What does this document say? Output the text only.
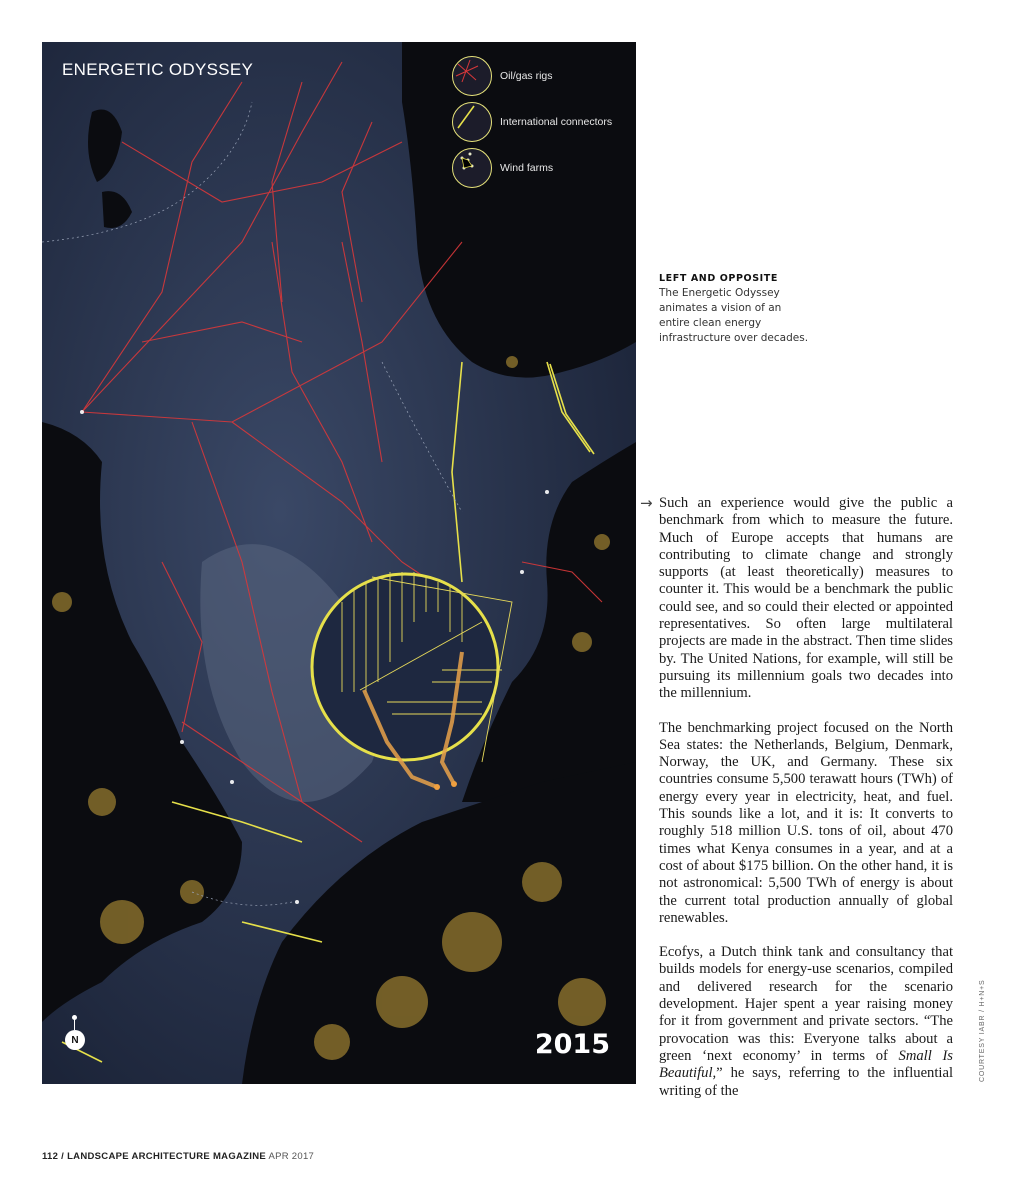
ENERGETIC ODYSSEY	Oil/gas rigs
International connectors
Wind farms
N	2015
LEFT AND OPPOSITE
The Energetic Odyssey animates a vision of an entire clean energy infrastructure over decades.
→ Such an experience would give the public a benchmark from which to measure the future. Much of Europe accepts that humans are contributing to climate change and strongly supports (at least theoretically) measures to counter it. This would be a benchmark the public could see, and so could their elected or appointed representatives. So often large multilateral projects are made in the abstract. Then time slides by. The United Nations, for example, will still be pursuing its millennium goals two decades into the millennium.

The benchmarking project focused on the North Sea states: the Netherlands, Belgium, Denmark, Norway, the UK, and Germany. These six countries consume 5,500 terawatt hours (TWh) of energy every year in electricity, heat, and fuel. This sounds like a lot, and it is: It converts to roughly 518 million U.S. tons of oil, about 470 times what Kenya consumes in a year, and at a cost of about $175 billion. On the other hand, it is not astronomical: 5,500 TWh of energy is about the current total production annually of global renewables.

Ecofys, a Dutch think tank and consultancy that builds models for energy-use scenarios, compiled and delivered research for the scenario development. Hajer spent a year raising money for it from government and private sectors. “The provocation was this: Everyone talks about a green ‘next economy’ in terms of Small Is Beautiful,” he says, referring to the influential writing of the

COURTESY IABR / H+N+S
112 / LANDSCAPE ARCHITECTURE MAGAZINE APR 2017
